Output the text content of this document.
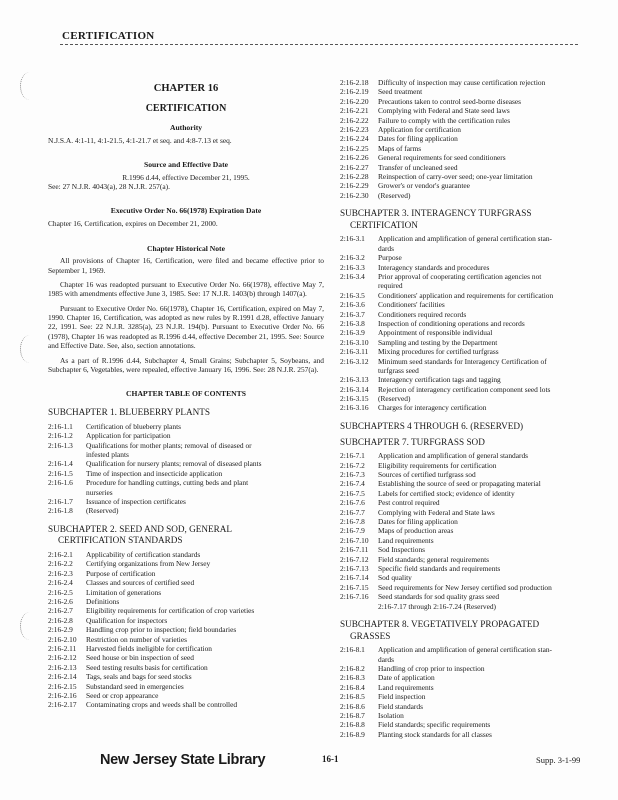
CERTIFICATION
CHAPTER 16
CERTIFICATION
Authority
N.J.S.A. 4:1-11, 4:1-21.5, 4:1-21.7 et seq. and 4:8-7.13 et seq.
Source and Effective Date
R.1996 d.44, effective December 21, 1995.
See: 27 N.J.R. 4043(a), 28 N.J.R. 257(a).
Executive Order No. 66(1978) Expiration Date
Chapter 16, Certification, expires on December 21, 2000.
Chapter Historical Note
All provisions of Chapter 16, Certification, were filed and became effective prior to September 1, 1969.
Chapter 16 was readopted pursuant to Executive Order No. 66(1978), effective May 7, 1985 with amendments effective June 3, 1985. See: 17 N.J.R. 1403(b) through 1407(a).
Pursuant to Executive Order No. 66(1978), Chapter 16, Certification, expired on May 7, 1990. Chapter 16, Certification, was adopted as new rules by R.1991 d.28, effective January 22, 1991. See: 22 N.J.R. 3285(a), 23 N.J.R. 194(b). Pursuant to Executive Order No. 66 (1978), Chapter 16 was readopted as R.1996 d.44, effective December 21, 1995. See: Source and Effective Date. See, also, section annotations.
As a part of R.1996 d.44, Subchapter 4, Small Grains; Subchapter 5, Soybeans, and Subchapter 6, Vegetables, were repealed, effective January 16, 1996. See: 28 N.J.R. 257(a).
CHAPTER TABLE OF CONTENTS
SUBCHAPTER 1. BLUEBERRY PLANTS
2:16-1.1	Certification of blueberry plants
2:16-1.2	Application for participation
2:16-1.3	Qualifications for mother plants; removal of diseased or
infested plants
2:16-1.4	Qualification for nursery plants; removal of diseased plants
2:16-1.5	Time of inspection and insecticide application
2:16-1.6	Procedure for handling cuttings, cutting beds and plant
nurseries
2:16-1.7	Issuance of inspection certificates
2:16-1.8	(Reserved)
SUBCHAPTER 2. SEED AND SOD, GENERAL
CERTIFICATION STANDARDS
2:16-2.1	Applicability of certification standards
2:16-2.2	Certifying organizations from New Jersey
2:16-2.3	Purpose of certification
2:16-2.4	Classes and sources of certified seed
2:16-2.5	Limitation of generations
2:16-2.6	Definitions
2:16-2.7	Eligibility requirements for certification of crop varieties
2:16-2.8	Qualification for inspectors
2:16-2.9	Handling crop prior to inspection; field boundaries
2:16-2.10	Restriction on number of varieties
2:16-2.11	Harvested fields ineligible for certification
2:16-2.12	Seed house or bin inspection of seed
2:16-2.13	Seed testing results basis for certification
2:16-2.14	Tags, seals and bags for seed stocks
2:16-2.15	Substandard seed in emergencies
2:16-2.16	Seed or crop appearance
2:16-2.17	Contaminating crops and weeds shall be controlled
2:16-2.18	Difficulty of inspection may cause certification rejection
2:16-2.19	Seed treatment
2:16-2.20	Precautions taken to control seed-borne diseases
2:16-2.21	Complying with Federal and State seed laws
2:16-2.22	Failure to comply with the certification rules
2:16-2.23	Application for certification
2:16-2.24	Dates for filing application
2:16-2.25	Maps of farms
2:16-2.26	General requirements for seed conditioners
2:16-2.27	Transfer of uncleaned seed
2:16-2.28	Reinspection of carry-over seed; one-year limitation
2:16-2.29	Grower's or vendor's guarantee
2:16-2.30	(Reserved)
SUBCHAPTER 3. INTERAGENCY TURFGRASS
CERTIFICATION
2:16-3.1	Application and amplification of general certification stan-
dards
2:16-3.2	Purpose
2:16-3.3	Interagency standards and procedures
2:16-3.4	Prior approval of cooperating certification agencies not
required
2:16-3.5	Conditioners' application and requirements for certification
2:16-3.6	Conditioners' facilities
2:16-3.7	Conditioners required records
2:16-3.8	Inspection of conditioning operations and records
2:16-3.9	Appointment of responsible individual
2:16-3.10	Sampling and testing by the Department
2:16-3.11	Mixing procedures for certified turfgrass
2:16-3.12	Minimum seed standards for Interagency Certification of
turfgrass seed
2:16-3.13	Interagency certification tags and tagging
2:16-3.14	Rejection of interagency certification component seed lots
2:16-3.15	(Reserved)
2:16-3.16	Charges for interagency certification
SUBCHAPTERS 4 THROUGH 6. (RESERVED)
SUBCHAPTER 7. TURFGRASS SOD
2:16-7.1	Application and amplification of general standards
2:16-7.2	Eligibility requirements for certification
2:16-7.3	Sources of certified turfgrass sod
2:16-7.4	Establishing the source of seed or propagating material
2:16-7.5	Labels for certified stock; evidence of identity
2:16-7.6	Pest control required
2:16-7.7	Complying with Federal and State laws
2:16-7.8	Dates for filing application
2:16-7.9	Maps of production areas
2:16-7.10	Land requirements
2:16-7.11	Sod Inspections
2:16-7.12	Field standards; general requirements
2:16-7.13	Specific field standards and requirements
2:16-7.14	Sod quality
2:16-7.15	Seed requirements for New Jersey certified sod production
2:16-7.16	Seed standards for sod quality grass seed
2:16-7.17 through 2:16-7.24 (Reserved)
SUBCHAPTER 8. VEGETATIVELY PROPAGATED
GRASSES
2:16-8.1	Application and amplification of general certification stan-
dards
2:16-8.2	Handling of crop prior to inspection
2:16-8.3	Date of application
2:16-8.4	Land requirements
2:16-8.5	Field inspection
2:16-8.6	Field standards
2:16-8.7	Isolation
2:16-8.8	Field standards; specific requirements
2:16-8.9	Planting stock standards for all classes
New Jersey State Library	16-1	Supp. 3-1-99
